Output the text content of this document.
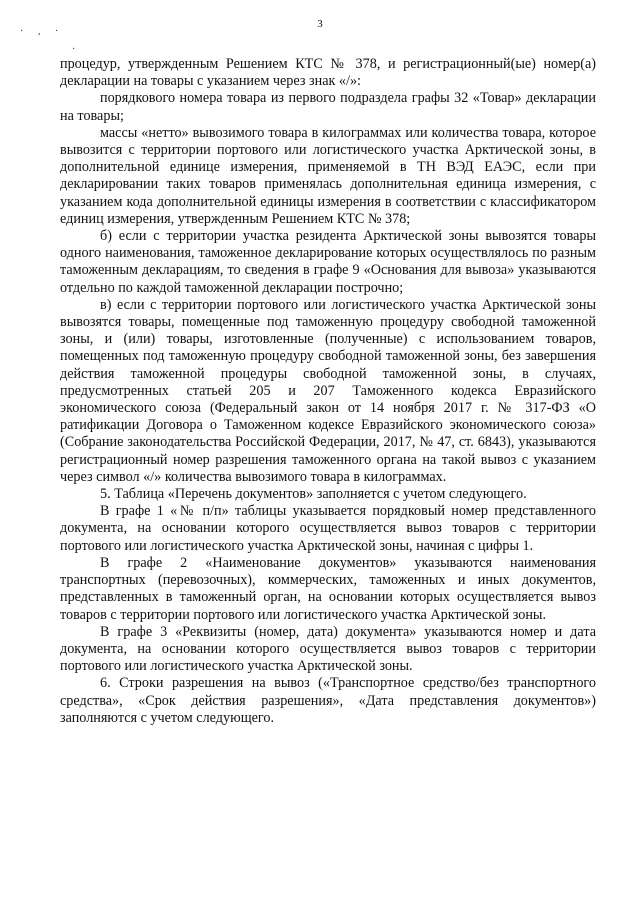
3
· , ·
·

процедур, утвержденным Решением КТС № 378, и регистрационный(ые) номер(а) декларации на товары с указанием через знак «/»:

порядкового номера товара из первого подраздела графы 32 «Товар» декларации на товары;

массы «нетто» вывозимого товара в килограммах или количества товара, которое вывозится с территории портового или логистического участка Арктической зоны, в дополнительной единице измерения, применяемой в ТН ВЭД ЕАЭС, если при декларировании таких товаров применялась дополнительная единица измерения, с указанием кода дополнительной единицы измерения в соответствии с классификатором единиц измерения, утвержденным Решением КТС № 378;

б) если с территории участка резидента Арктической зоны вывозятся товары одного наименования, таможенное декларирование которых осуществлялось по разным таможенным декларациям, то сведения в графе 9 «Основания для вывоза» указываются отдельно по каждой таможенной декларации построчно;

в) если с территории портового или логистического участка Арктической зоны вывозятся товары, помещенные под таможенную процедуру свободной таможенной зоны, и (или) товары, изготовленные (полученные) с использованием товаров, помещенных под таможенную процедуру свободной таможенной зоны, без завершения действия таможенной процедуры свободной таможенной зоны, в случаях, предусмотренных статьей 205 и 207 Таможенного кодекса Евразийского экономического союза (Федеральный закон от 14 ноября 2017 г. № 317-ФЗ «О ратификации Договора о Таможенном кодексе Евразийского экономического союза» (Собрание законодательства Российской Федерации, 2017, № 47, ст. 6843), указываются регистрационный номер разрешения таможенного органа на такой вывоз с указанием через символ «/» количества вывозимого товара в килограммах.

5. Таблица «Перечень документов» заполняется с учетом следующего.

В графе 1 «№ п/п» таблицы указывается порядковый номер представленного документа, на основании которого осуществляется вывоз товаров с территории портового или логистического участка Арктической зоны, начиная с цифры 1.

В графе 2 «Наименование документов» указываются наименования транспортных (перевозочных), коммерческих, таможенных и иных документов, представленных в таможенный орган, на основании которых осуществляется вывоз товаров с территории портового или логистического участка Арктической зоны.

В графе 3 «Реквизиты (номер, дата) документа» указываются номер и дата документа, на основании которого осуществляется вывоз товаров с территории портового или логистического участка Арктической зоны.

6. Строки разрешения на вывоз («Транспортное средство/без транспортного средства», «Срок действия разрешения», «Дата представления документов») заполняются с учетом следующего.
